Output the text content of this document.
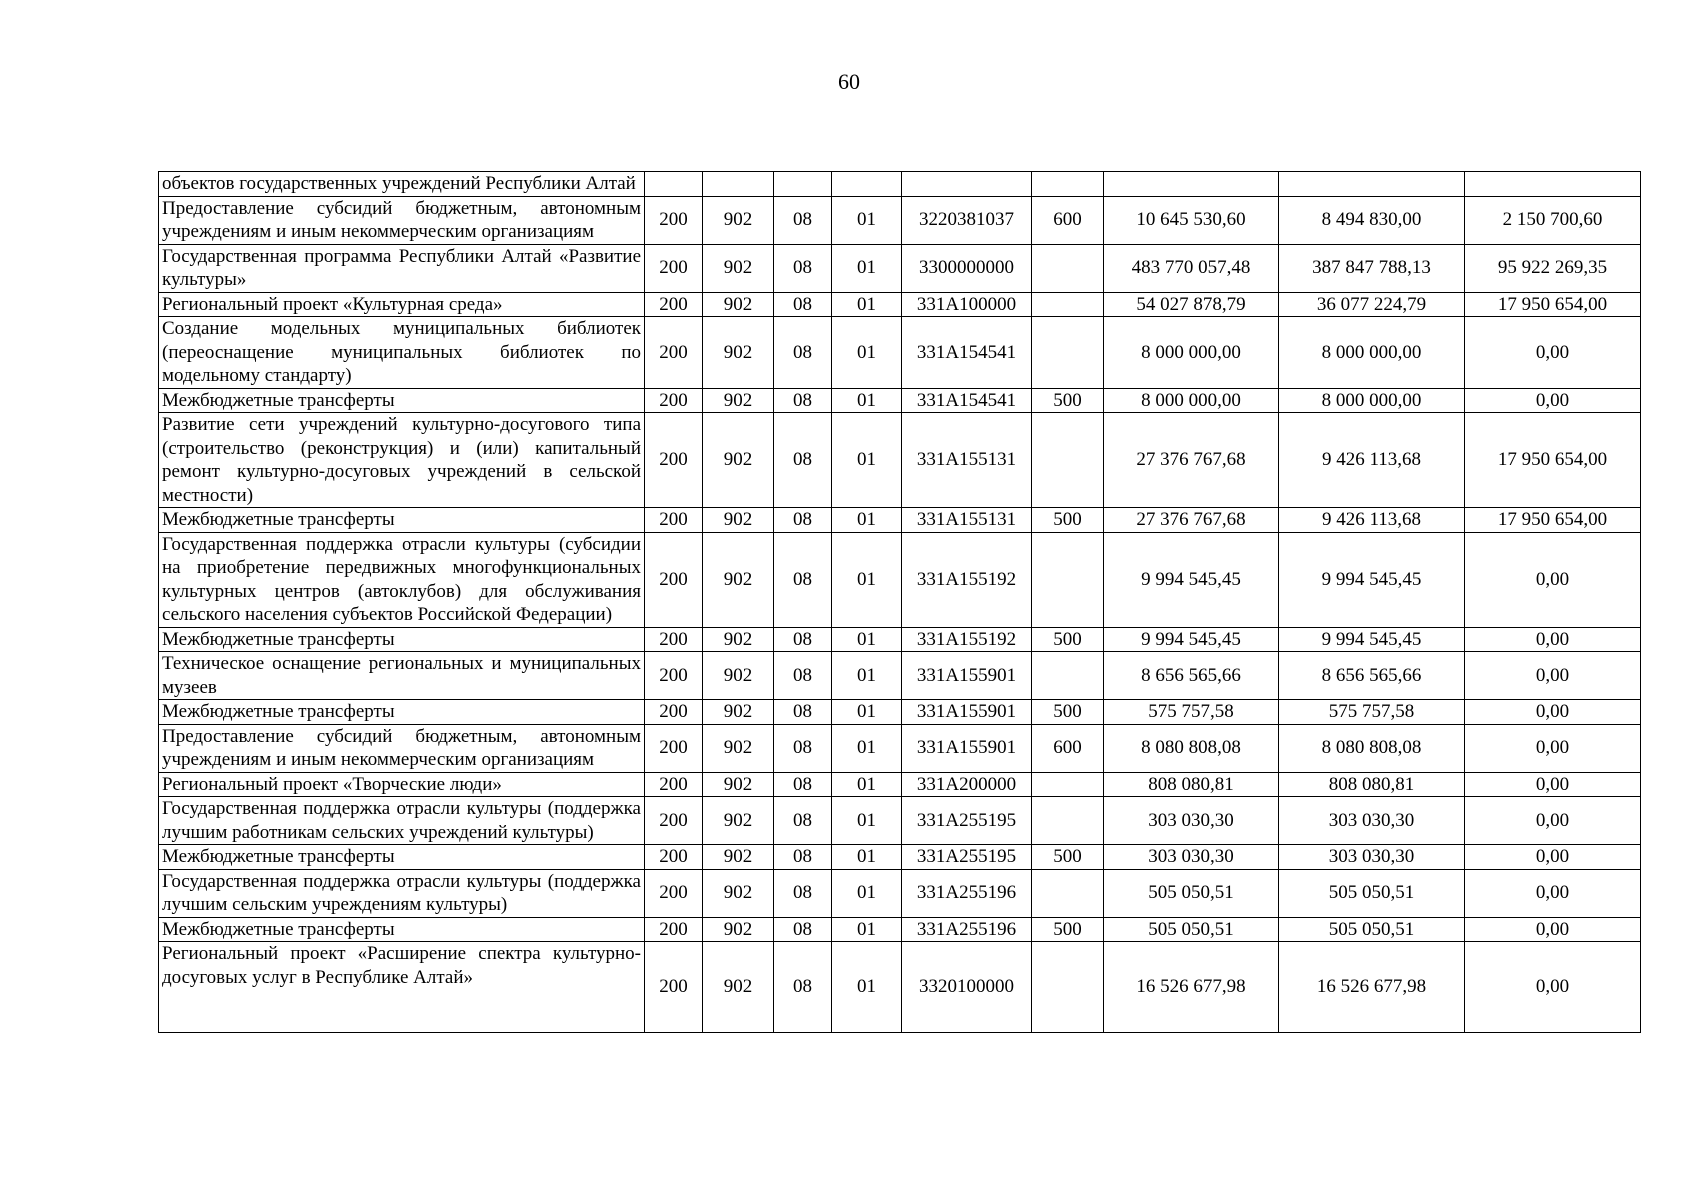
60
объектов государственных учреждений Республики Алтай									
Предоставление субсидий бюджетным, автономным учреждениям и иным некоммерческим организациям	200	902	08	01	3220381037	600	10 645 530,60	8 494 830,00	2 150 700,60
Государственная программа Республики Алтай «Развитие культуры»	200	902	08	01	3300000000		483 770 057,48	387 847 788,13	95 922 269,35
Региональный проект «Культурная среда»	200	902	08	01	331A100000		54 027 878,79	36 077 224,79	17 950 654,00
Создание модельных муниципальных библиотек (переоснащение муниципальных библиотек по модельному стандарту)	200	902	08	01	331A154541		8 000 000,00	8 000 000,00	0,00
Межбюджетные трансферты	200	902	08	01	331A154541	500	8 000 000,00	8 000 000,00	0,00
Развитие сети учреждений культурно-досугового типа (строительство (реконструкция) и (или) капитальный ремонт культурно-досуговых учреждений в сельской местности)	200	902	08	01	331A155131		27 376 767,68	9 426 113,68	17 950 654,00
Межбюджетные трансферты	200	902	08	01	331A155131	500	27 376 767,68	9 426 113,68	17 950 654,00
Государственная поддержка отрасли культуры (субсидии на приобретение передвижных многофункциональных культурных центров (автоклубов) для обслуживания сельского населения субъектов Российской Федерации)	200	902	08	01	331A155192		9 994 545,45	9 994 545,45	0,00
Межбюджетные трансферты	200	902	08	01	331A155192	500	9 994 545,45	9 994 545,45	0,00
Техническое оснащение региональных и муниципальных музеев	200	902	08	01	331A155901		8 656 565,66	8 656 565,66	0,00
Межбюджетные трансферты	200	902	08	01	331A155901	500	575 757,58	575 757,58	0,00
Предоставление субсидий бюджетным, автономным учреждениям и иным некоммерческим организациям	200	902	08	01	331A155901	600	8 080 808,08	8 080 808,08	0,00
Региональный проект «Творческие люди»	200	902	08	01	331A200000		808 080,81	808 080,81	0,00
Государственная поддержка отрасли культуры (поддержка лучшим работникам сельских учреждений культуры)	200	902	08	01	331A255195		303 030,30	303 030,30	0,00
Межбюджетные трансферты	200	902	08	01	331A255195	500	303 030,30	303 030,30	0,00
Государственная поддержка отрасли культуры (поддержка лучшим сельским учреждениям культуры)	200	902	08	01	331A255196		505 050,51	505 050,51	0,00
Межбюджетные трансферты	200	902	08	01	331A255196	500	505 050,51	505 050,51	0,00
Региональный проект «Расширение спектра культурно-досуговых услуг в Республике Алтай»	200	902	08	01	3320100000		16 526 677,98	16 526 677,98	0,00
